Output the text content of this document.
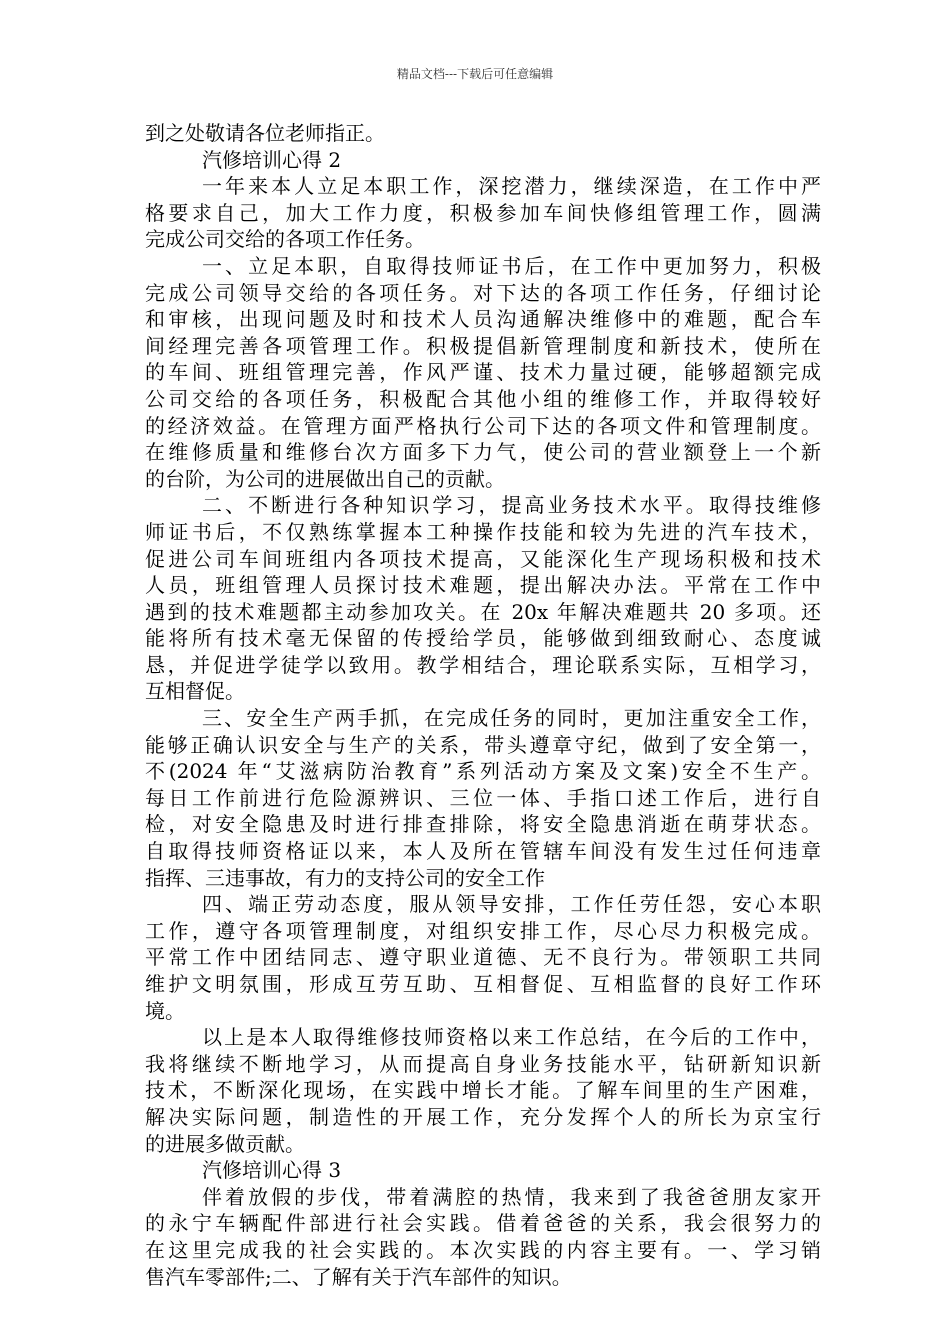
精品文档---下载后可任意编辑
到之处敬请各位老师指正。
汽修培训心得 2
一年来本人立足本职工作，深挖潜力，继续深造，在工作中严
格要求自己，加大工作力度，积极参加车间快修组管理工作，圆满
完成公司交给的各项工作任务。
一、立足本职，自取得技师证书后，在工作中更加努力，积极
完成公司领导交给的各项任务。对下达的各项工作任务，仔细讨论
和审核，出现问题及时和技术人员沟通解决维修中的难题，配合车
间经理完善各项管理工作。积极提倡新管理制度和新技术，使所在
的车间、班组管理完善，作风严谨、技术力量过硬，能够超额完成
公司交给的各项任务，积极配合其他小组的维修工作，并取得较好
的经济效益。在管理方面严格执行公司下达的各项文件和管理制度。
在维修质量和维修台次方面多下力气，使公司的营业额登上一个新
的台阶，为公司的进展做出自己的贡献。
二、不断进行各种知识学习，提高业务技术水平。取得技维修
师证书后，不仅熟练掌握本工种操作技能和较为先进的汽车技术，
促进公司车间班组内各项技术提高，又能深化生产现场积极和技术
人员，班组管理人员探讨技术难题，提出解决办法。平常在工作中
遇到的技术难题都主动参加攻关。在 20x 年解决难题共 20 多项。还
能将所有技术毫无保留的传授给学员，能够做到细致耐心、态度诚
恳，并促进学徒学以致用。教学相结合，理论联系实际，互相学习，
互相督促。
三、安全生产两手抓，在完成任务的同时，更加注重安全工作，
能够正确认识安全与生产的关系，带头遵章守纪，做到了安全第一，
不(2024 年“艾滋病防治教育”系列活动方案及文案)安全不生产。
每日工作前进行危险源辨识、三位一体、手指口述工作后，进行自
检，对安全隐患及时进行排查排除，将安全隐患消逝在萌芽状态。
自取得技师资格证以来，本人及所在管辖车间没有发生过任何违章
指挥、三违事故，有力的支持公司的安全工作
四、端正劳动态度，服从领导安排，工作任劳任怨，安心本职
工作，遵守各项管理制度，对组织安排工作，尽心尽力积极完成。
平常工作中团结同志、遵守职业道德、无不良行为。带领职工共同
维护文明氛围，形成互劳互助、互相督促、互相监督的良好工作环
境。
以上是本人取得维修技师资格以来工作总结，在今后的工作中，
我将继续不断地学习，从而提高自身业务技能水平，钻研新知识新
技术，不断深化现场，在实践中增长才能。了解车间里的生产困难，
解决实际问题，制造性的开展工作，充分发挥个人的所长为京宝行
的进展多做贡献。
汽修培训心得 3
伴着放假的步伐，带着满腔的热情，我来到了我爸爸朋友家开
的永宁车辆配件部进行社会实践。借着爸爸的关系，我会很努力的
在这里完成我的社会实践的。本次实践的内容主要有。一、学习销
售汽车零部件;二、了解有关于汽车部件的知识。
